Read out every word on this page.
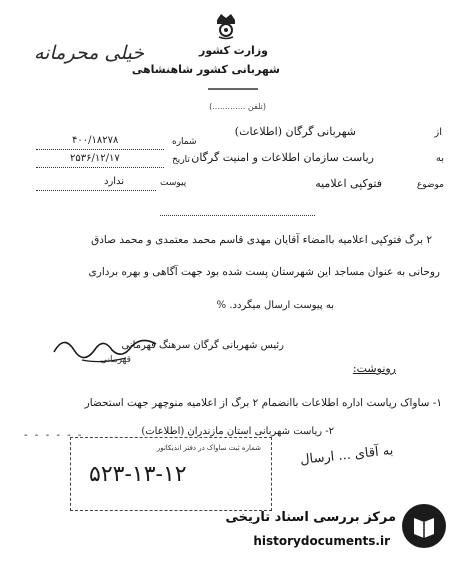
وزارت کشور
خیلی محرمانه
شهربانی کشور شاهنشاهی
(تلفن .............)
شماره
۴۰۰/۱۸۲۷۸
تاریخ
۲۵۳۶/۱۲/۱۷
پیوست
ندارد
از
شهربانی گرگان (اطلاعات)
به
ریاست سازمان اطلاعات و امنیت گرگان
موضوع
فتوکپی اعلامیه
۲ برگ فتوکپی اعلامیه باامضاء آقایان مهدی قاسم محمد معتمدی و محمد صادق
روحانی به عنوان مساجد این شهرستان پست شده بود جهت آگاهی و بهره برداری
به پیوست ارسال میگردد. %
قهرمانی
رئیس شهربانی گرگان سرهنگ قهرمانی
رونوشت:
۱- ساواک ریاست اداره اطلاعات باانضمام ۲ برگ از اعلامیه منوچهر جهت استحضار
۲- ریاست شهربانی استان مازندران (اطلاعات)
- - - - - -
شماره ثبت ساواک در دفتر اندیکاتور
۵۲۳-۱۳-۱۲
به آقای ... ارسال
مرکز بررسی اسناد تاریخی
historydocuments.ir
